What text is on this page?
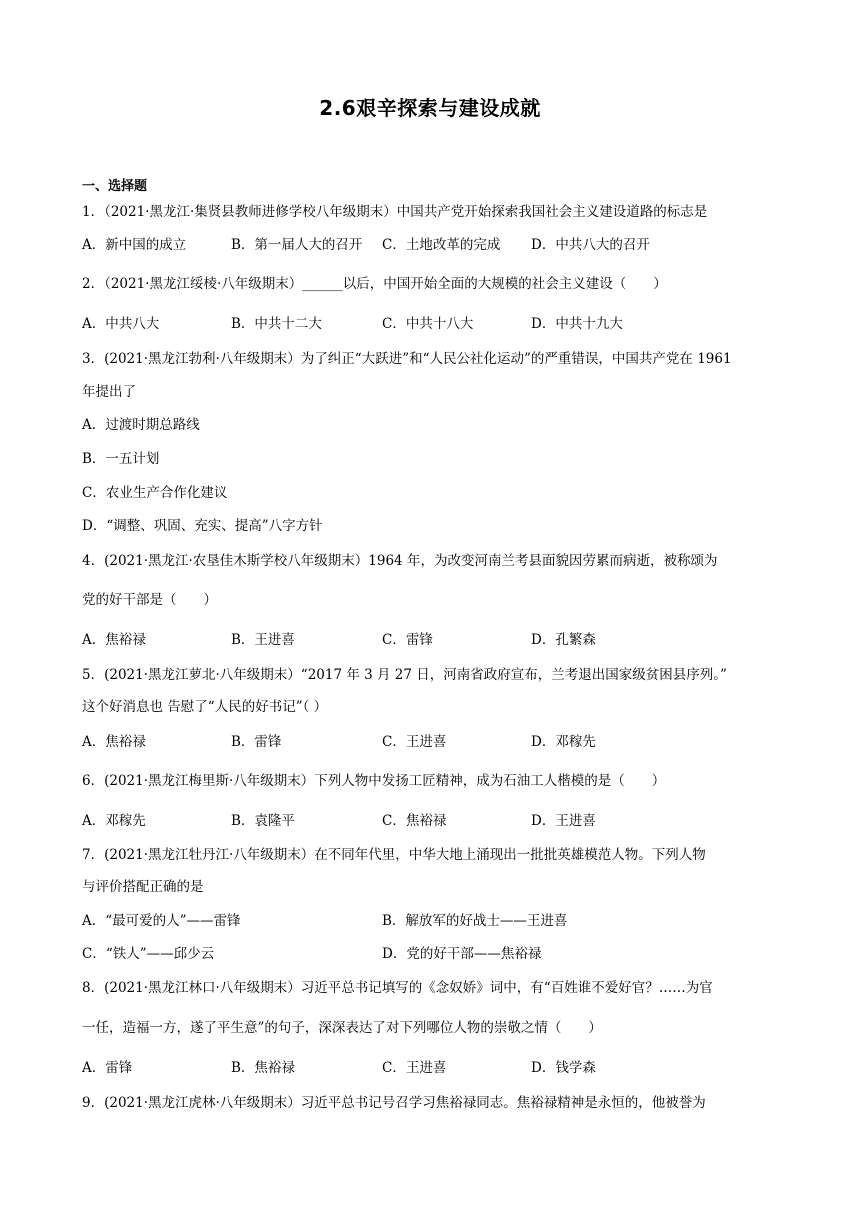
2.6艰辛探索与建设成就
一、选择题
1．（2021·黑龙江·集贤县教师进修学校八年级期末）中国共产党开始探索我国社会主义建设道路的标志是
A．新中国的成立	B．第一届人大的召开 C．土地改革的完成 D．中共八大的召开
2．（2021·黑龙江绥棱·八年级期末）______以后，中国开始全面的大规模的社会主义建设（　　）
A．中共八大	B．中共十二大	C．中共十八大	D．中共十九大
3．(2021·黑龙江勃利·八年级期末）为了纠正“大跃进”和“人民公社化运动”的严重错误，中国共产党在 1961
年提出了
A．过渡时期总路线
B．一五计划
C．农业生产合作化建议
D．“调整、巩固、充实、提高”八字方针
4．(2021·黑龙江·农垦佳木斯学校八年级期末）1964 年，为改变河南兰考县面貌因劳累而病逝，被称颂为
党的好干部是（　　）
A．焦裕禄	B．王进喜	C．雷锋	D．孔繁森
5．(2021·黑龙江萝北·八年级期末）“2017 年 3 月 27 日，河南省政府宣布，兰考退出国家级贫困县序列。”
这个好消息也 告慰了“人民的好书记”（ ）
A．焦裕禄	B．雷锋	C．王进喜	D．邓稼先
6．(2021·黑龙江梅里斯·八年级期末）下列人物中发扬工匠精神，成为石油工人楷模的是（　　）
A．邓稼先	B．袁隆平	C．焦裕禄	D．王进喜
7．(2021·黑龙江牡丹江·八年级期末）在不同年代里，中华大地上涌现出一批批英雄模范人物。下列人物
与评价搭配正确的是
A．“最可爱的人”——雷锋	B．解放军的好战士——王进喜
C．“铁人”——邱少云	D．党的好干部——焦裕禄
8．(2021·黑龙江林口·八年级期末）习近平总书记填写的《念奴娇》词中，有“百姓谁不爱好官？……为官
一任，造福一方，遂了平生意”的句子，深深表达了对下列哪位人物的崇敬之情（　　）
A．雷锋	B．焦裕禄	C．王进喜	D．钱学森
9．(2021·黑龙江虎林·八年级期末）习近平总书记号召学习焦裕禄同志。焦裕禄精神是永恒的，他被誉为
